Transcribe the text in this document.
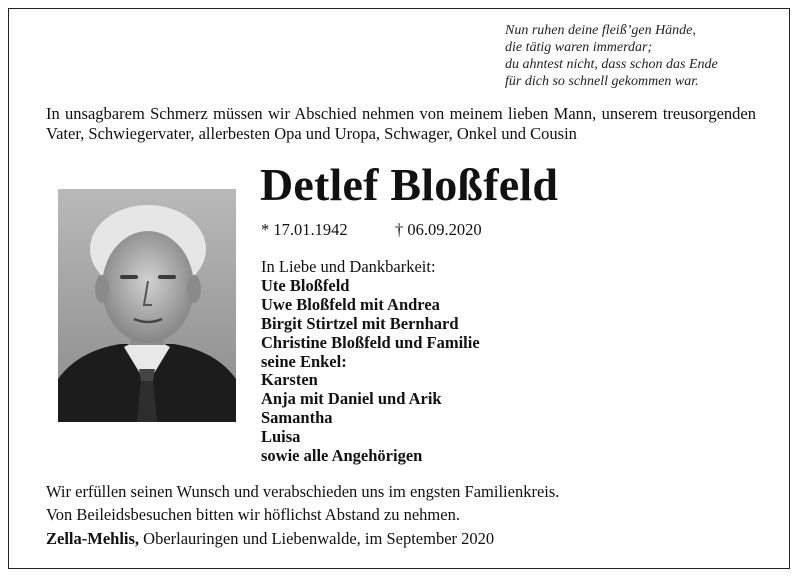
Nun ruhen deine fleiß’gen Hände,
die tätig waren immerdar;
du ahntest nicht, dass schon das Ende
für dich so schnell gekommen war.
In unsagbarem Schmerz müssen wir Abschied nehmen von meinem lieben Mann, unserem treusorgenden Vater, Schwiegervater, allerbesten Opa und Uropa, Schwager, Onkel und Cousin
Detlef Bloßfeld
* 17.01.1942	† 06.09.2020
In Liebe und Dankbarkeit:
Ute Bloßfeld
Uwe Bloßfeld mit Andrea
Birgit Stirtzel mit Bernhard
Christine Bloßfeld und Familie
seine Enkel:
Karsten
Anja mit Daniel und Arik
Samantha
Luisa
sowie alle Angehörigen
Wir erfüllen seinen Wunsch und verabschieden uns im engsten Familienkreis.
Von Beileidsbesuchen bitten wir höflichst Abstand zu nehmen.
Zella-Mehlis, Oberlauringen und Liebenwalde, im September 2020
